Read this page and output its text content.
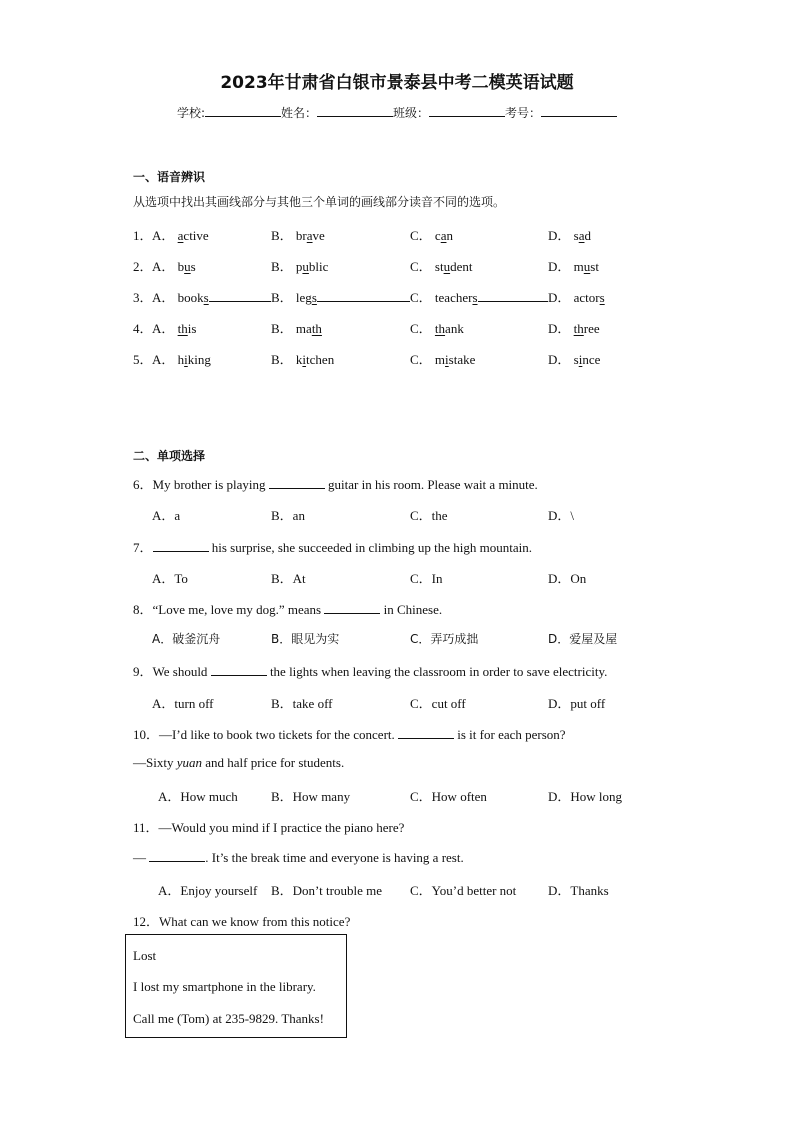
2023年甘肃省白银市景泰县中考二模英语试题
学校:	姓名：	班级：	考号：
一、语音辨识
从选项中找出其画线部分与其他三个单词的画线部分读音不同的选项。
1． A． active	B． brave	C． can	D． sad
2． A． bus	B． public	C． student	D． must
3． A． books	B． legs	C． teachers	D． actors
4． A． this	B． math	C． thank	D． three
5． A． hiking	B． kitchen	C． mistake	D． since
二、单项选择
6．My brother is playing	guitar in his room. Please wait a minute.
A．a	B．an	C．the	D．\
7．	his surprise, she succeeded in climbing up the high mountain.
A．To	B．At	C．In	D．On
8．“Love me, love my dog.” means	in Chinese.
A．破釜沉舟	B．眼见为实	C．弄巧成拙	D．爱屋及屋
9．We should	the lights when leaving the classroom in order to save electricity.
A．turn off	B．take off	C．cut off	D．put off
10．—I’d like to book two tickets for the concert.	is it for each person?
—Sixty yuan and half price for students.
A．How much	B．How many	C．How often	D．How long
11．—Would you mind if I practice the piano here?
—	. It’s the break time and everyone is having a rest.
A．Enjoy yourself B．Don’t trouble me C．You’d better not D．Thanks
12．What can we know from this notice?
Lost
I lost my smartphone in the library.
Call me (Tom) at 235-9829. Thanks!
